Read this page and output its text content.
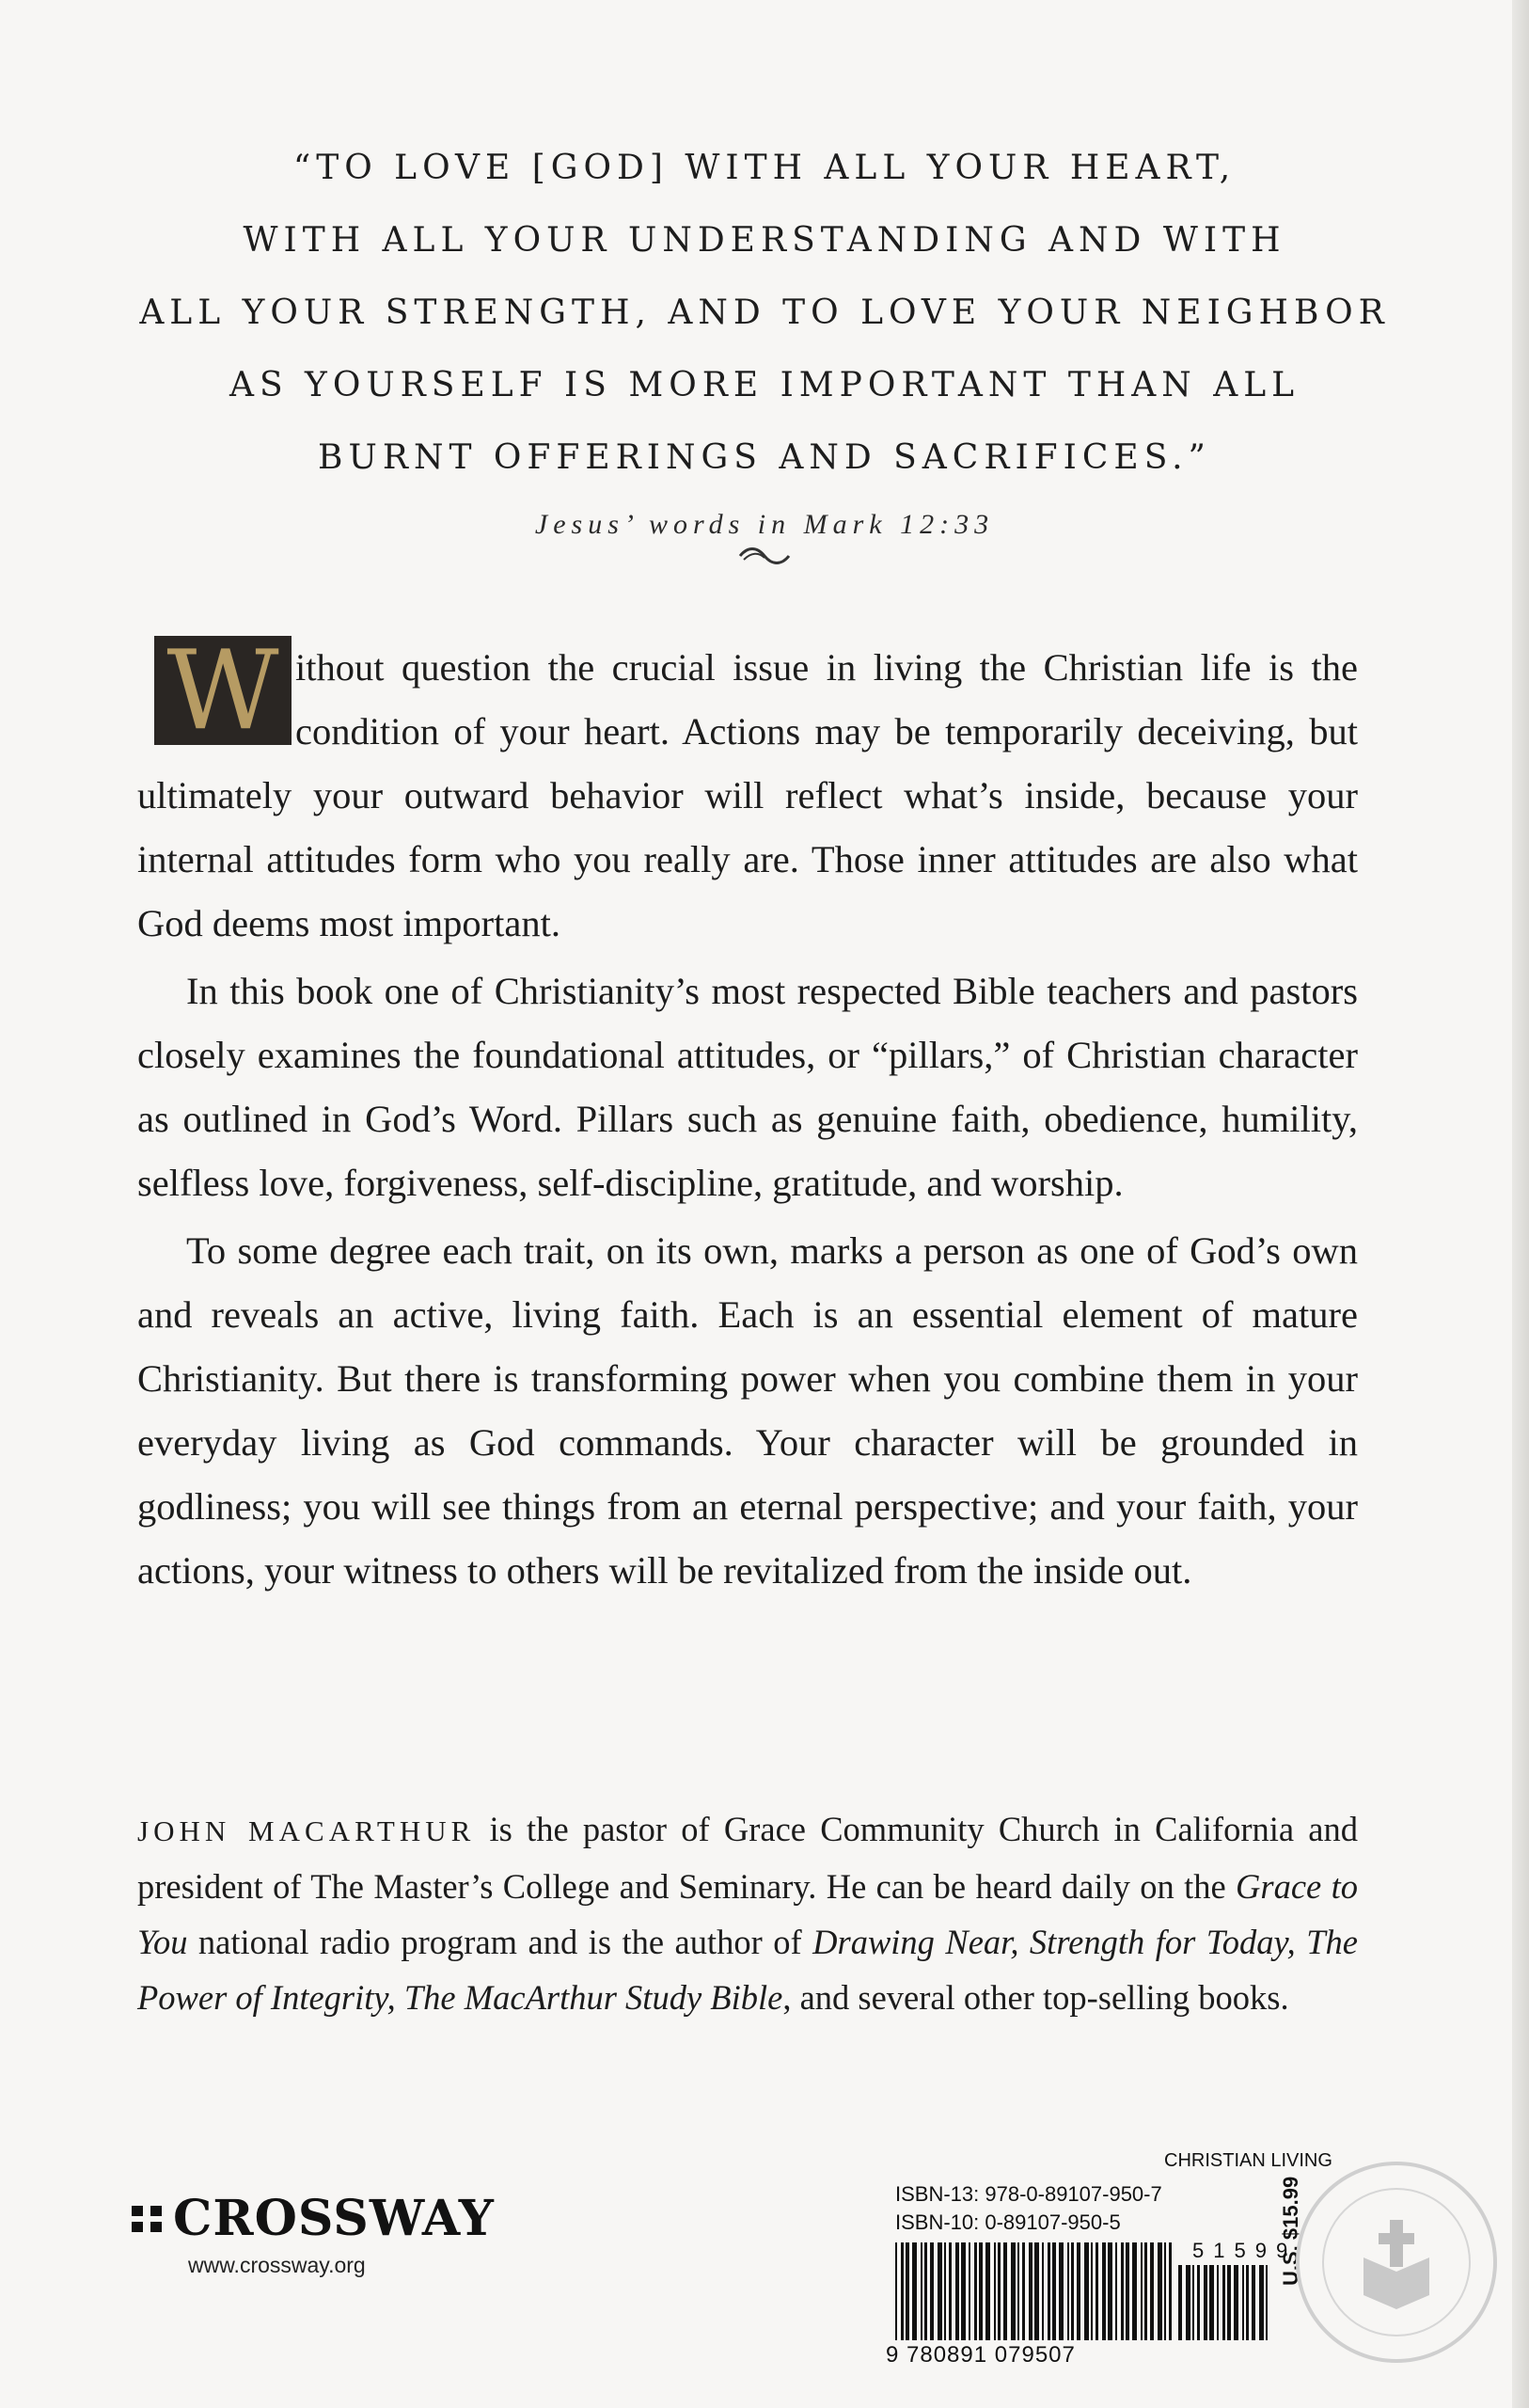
“TO LOVE [GOD] WITH ALL YOUR HEART,
WITH ALL YOUR UNDERSTANDING AND WITH
ALL YOUR STRENGTH, AND TO LOVE YOUR NEIGHBOR
AS YOURSELF IS MORE IMPORTANT THAN ALL
BURNT OFFERINGS AND SACRIFICES.”
Jesus’ words in Mark 12:33

W ithout question the crucial issue in living the Christian life is the condition of your heart. Actions may be temporarily deceiving, but ultimately your outward behavior will reflect what’s inside, because your internal attitudes form who you really are. Those inner attitudes are also what God deems most important.

In this book one of Christianity’s most respected Bible teachers and pastors closely examines the foundational attitudes, or “pillars,” of Christian character as outlined in God’s Word. Pillars such as genuine faith, obedience, humility, selfless love, forgiveness, self-discipline, gratitude, and worship.

To some degree each trait, on its own, marks a person as one of God’s own and reveals an active, living faith. Each is an essential element of mature Christianity. But there is transforming power when you combine them in your everyday living as God commands. Your character will be grounded in godliness; you will see things from an eternal perspective; and your faith, your actions, your witness to others will be revitalized from the inside out.

JOHN MACARTHUR is the pastor of Grace Community Church in California and president of The Master’s College and Seminary. He can be heard daily on the Grace to You national radio program and is the author of Drawing Near, Strength for Today, The Power of Integrity, The MacArthur Study Bible, and several other top-selling books.
CROSSWAY
www.crossway.org
CHRISTIAN LIVING
ISBN-13: 978-0-89107-950-7
ISBN-10: 0-89107-950-5
9 780891 079507
51599
U.S. $15.99
